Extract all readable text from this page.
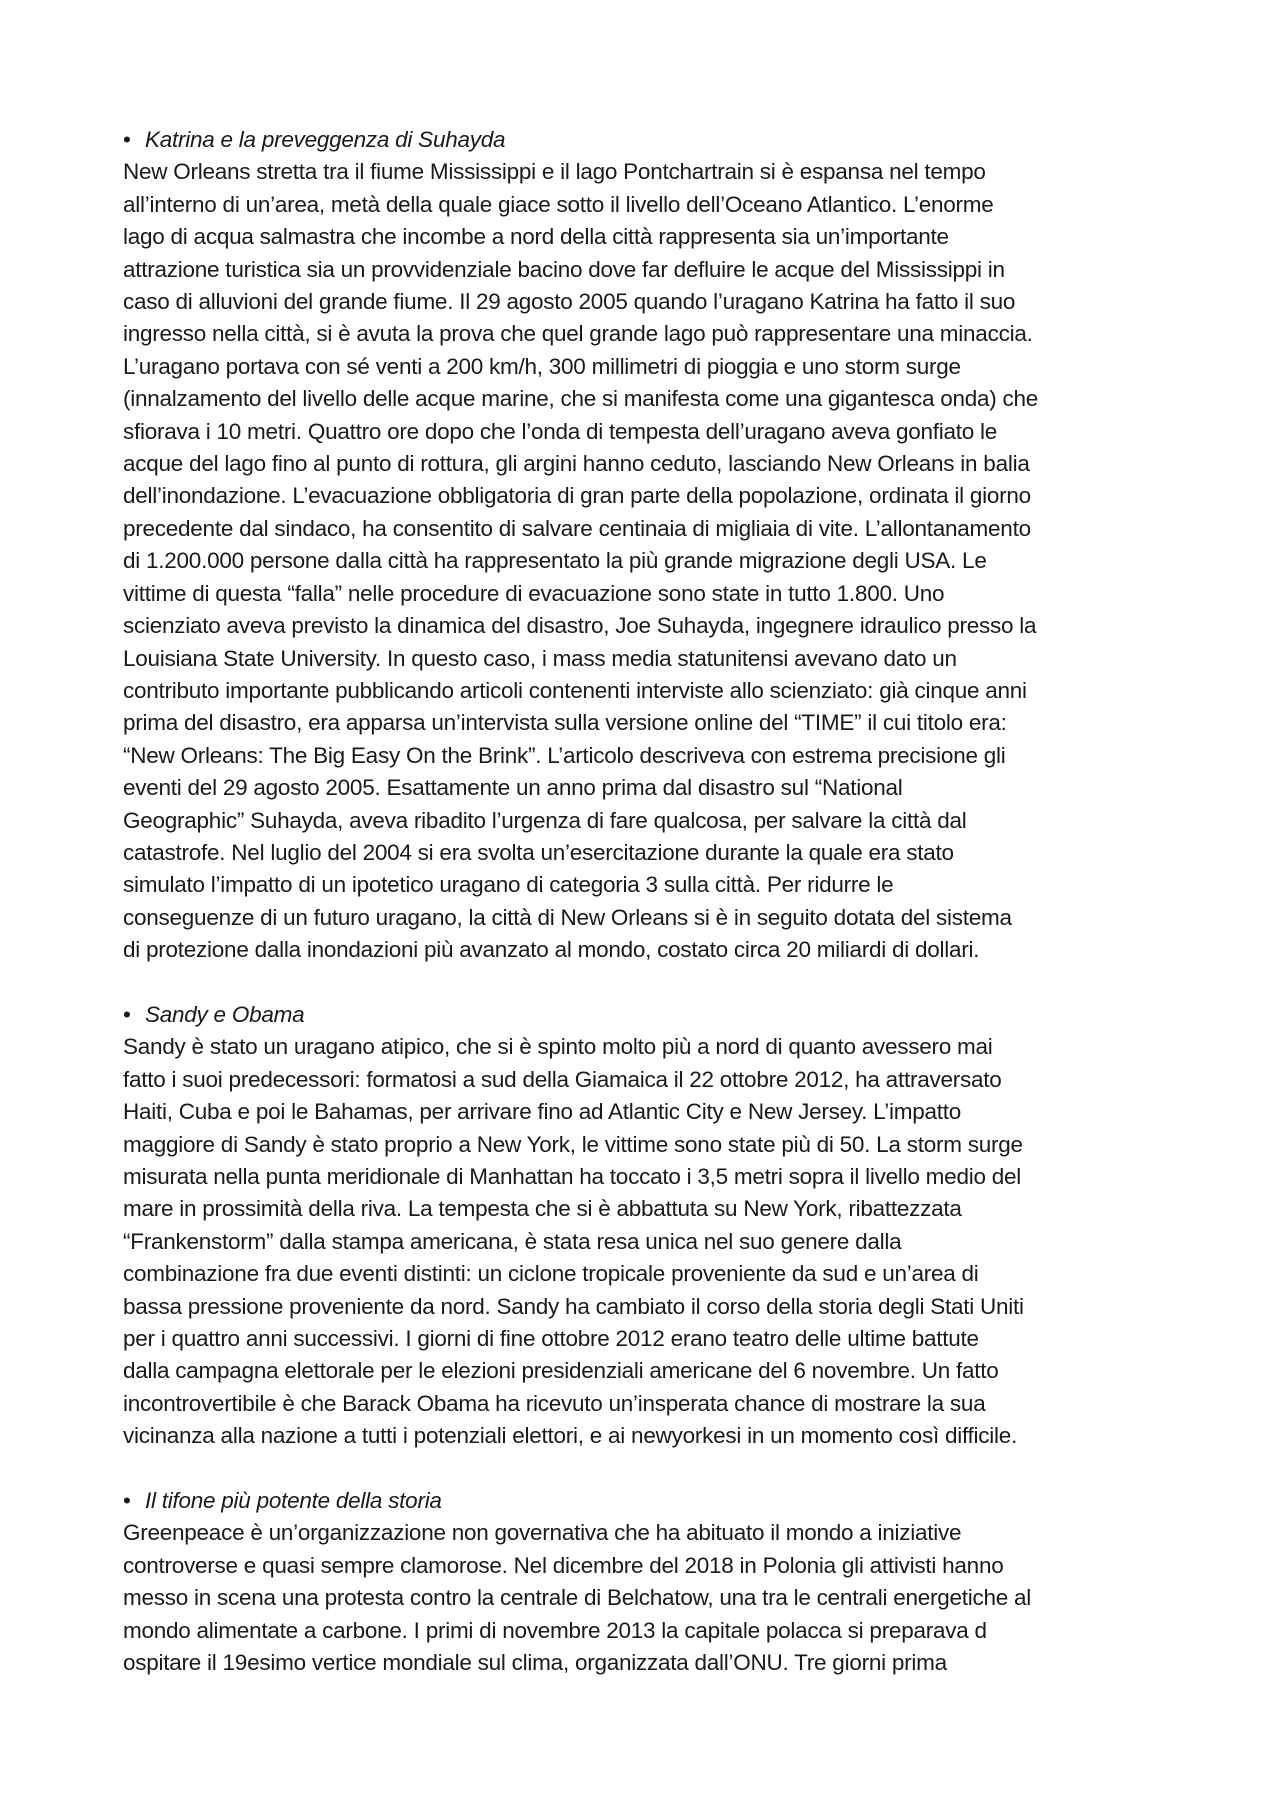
• Katrina e la preveggenza di Suhayda

New Orleans stretta tra il fiume Mississippi e il lago Pontchartrain si è espansa nel tempo
all’interno di un’area, metà della quale giace sotto il livello dell’Oceano Atlantico. L’enorme
lago di acqua salmastra che incombe a nord della città rappresenta sia un’importante
attrazione turistica sia un provvidenziale bacino dove far defluire le acque del Mississippi in
caso di alluvioni del grande fiume. Il 29 agosto 2005 quando l’uragano Katrina ha fatto il suo
ingresso nella città, si è avuta la prova che quel grande lago può rappresentare una minaccia.
L’uragano portava con sé venti a 200 km/h, 300 millimetri di pioggia e uno storm surge
(innalzamento del livello delle acque marine, che si manifesta come una gigantesca onda) che
sfiorava i 10 metri. Quattro ore dopo che l’onda di tempesta dell’uragano aveva gonfiato le
acque del lago fino al punto di rottura, gli argini hanno ceduto, lasciando New Orleans in balia
dell’inondazione. L’evacuazione obbligatoria di gran parte della popolazione, ordinata il giorno
precedente dal sindaco, ha consentito di salvare centinaia di migliaia di vite. L’allontanamento
di 1.200.000 persone dalla città ha rappresentato la più grande migrazione degli USA. Le
vittime di questa “falla” nelle procedure di evacuazione sono state in tutto 1.800. Uno
scienziato aveva previsto la dinamica del disastro, Joe Suhayda, ingegnere idraulico presso la
Louisiana State University. In questo caso, i mass media statunitensi avevano dato un
contributo importante pubblicando articoli contenenti interviste allo scienziato: già cinque anni
prima del disastro, era apparsa un’intervista sulla versione online del “TIME” il cui titolo era:
“New Orleans: The Big Easy On the Brink”. L’articolo descriveva con estrema precisione gli
eventi del 29 agosto 2005. Esattamente un anno prima dal disastro sul “National
Geographic” Suhayda, aveva ribadito l’urgenza di fare qualcosa, per salvare la città dal
catastrofe. Nel luglio del 2004 si era svolta un’esercitazione durante la quale era stato
simulato l’impatto di un ipotetico uragano di categoria 3 sulla città. Per ridurre le
conseguenze di un futuro uragano, la città di New Orleans si è in seguito dotata del sistema
di protezione dalla inondazioni più avanzato al mondo, costato circa 20 miliardi di dollari.

• Sandy e Obama

Sandy è stato un uragano atipico, che si è spinto molto più a nord di quanto avessero mai
fatto i suoi predecessori: formatosi a sud della Giamaica il 22 ottobre 2012, ha attraversato
Haiti, Cuba e poi le Bahamas, per arrivare fino ad Atlantic City e New Jersey. L’impatto
maggiore di Sandy è stato proprio a New York, le vittime sono state più di 50. La storm surge
misurata nella punta meridionale di Manhattan ha toccato i 3,5 metri sopra il livello medio del
mare in prossimità della riva. La tempesta che si è abbattuta su New York, ribattezzata
“Frankenstorm” dalla stampa americana, è stata resa unica nel suo genere dalla
combinazione fra due eventi distinti: un ciclone tropicale proveniente da sud e un’area di
bassa pressione proveniente da nord. Sandy ha cambiato il corso della storia degli Stati Uniti
per i quattro anni successivi. I giorni di fine ottobre 2012 erano teatro delle ultime battute
dalla campagna elettorale per le elezioni presidenziali americane del 6 novembre. Un fatto
incontrovertibile è che Barack Obama ha ricevuto un’insperata chance di mostrare la sua
vicinanza alla nazione a tutti i potenziali elettori, e ai newyorkesi in un momento così difficile.

• Il tifone più potente della storia

Greenpeace è un’organizzazione non governativa che ha abituato il mondo a iniziative
controverse e quasi sempre clamorose. Nel dicembre del 2018 in Polonia gli attivisti hanno
messo in scena una protesta contro la centrale di Belchatow, una tra le centrali energetiche al
mondo alimentate a carbone. I primi di novembre 2013 la capitale polacca si preparava d
ospitare il 19esimo vertice mondiale sul clima, organizzata dall’ONU. Tre giorni prima
